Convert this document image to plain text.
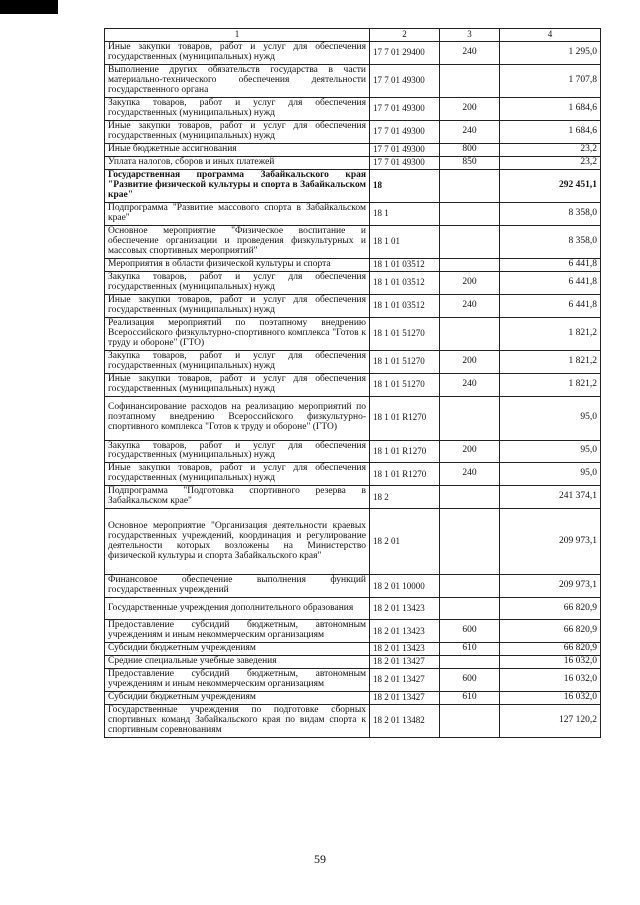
1	2	3	4
Иные закупки товаров, работ и услуг для обеспечения государственных (муниципальных) нужд	17 7 01 29400	240	1 295,0
Выполнение других обязательств государства в части материально-технического обеспечения деятельности государственного органа	17 7 01 49300		1 707,8
Закупка товаров, работ и услуг для обеспечения государственных (муниципальных) нужд	17 7 01 49300	200	1 684,6
Иные закупки товаров, работ и услуг для обеспечения государственных (муниципальных) нужд	17 7 01 49300	240	1 684,6
Иные бюджетные ассигнования	17 7 01 49300	800	23,2
Уплата налогов, сборов и иных платежей	17 7 01 49300	850	23,2
Государственная программа Забайкальского края "Развитие физической культуры и спорта в Забайкальском крае"	18		292 451,1
Подпрограмма "Развитие массового спорта в Забайкальском крае"	18 1		8 358,0
Основное мероприятие "Физическое воспитание и обеспечение организации и проведения физкультурных и массовых спортивных мероприятий"	18 1 01		8 358,0
Мероприятия в области физической культуры и спорта	18 1 01 03512		6 441,8
Закупка товаров, работ и услуг для обеспечения государственных (муниципальных) нужд	18 1 01 03512	200	6 441,8
Иные закупки товаров, работ и услуг для обеспечения государственных (муниципальных) нужд	18 1 01 03512	240	6 441,8
Реализация мероприятий по поэтапному внедрению Всероссийского физкультурно-спортивного комплекса "Готов к труду и обороне" (ГТО)	18 1 01 51270		1 821,2
Закупка товаров, работ и услуг для обеспечения государственных (муниципальных) нужд	18 1 01 51270	200	1 821,2
Иные закупки товаров, работ и услуг для обеспечения государственных (муниципальных) нужд	18 1 01 51270	240	1 821,2
Софинансирование расходов на реализацию мероприятий по поэтапному внедрению Всероссийского физкультурно-спортивного комплекса "Готов к труду и обороне" (ГТО)	18 1 01 R1270		95,0
Закупка товаров, работ и услуг для обеспечения государственных (муниципальных) нужд	18 1 01 R1270	200	95,0
Иные закупки товаров, работ и услуг для обеспечения государственных (муниципальных) нужд	18 1 01 R1270	240	95,0
Подпрограмма "Подготовка спортивного резерва в Забайкальском крае"	18 2		241 374,1
Основное мероприятие "Организация деятельности краевых государственных учреждений, координация и регулирование деятельности которых возложены на Министерство физической культуры и спорта Забайкальского края"	18 2 01		209 973,1
Финансовое обеспечение выполнения функций государственных учреждений	18 2 01 10000		209 973,1
Государственные учреждения дополнительного образования	18 2 01 13423		66 820,9
Предоставление субсидий бюджетным, автономным учреждениям и иным некоммерческим организациям	18 2 01 13423	600	66 820,9
Субсидии бюджетным учреждениям	18 2 01 13423	610	66 820,9
Средние специальные учебные заведения	18 2 01 13427		16 032,0
Предоставление субсидий бюджетным, автономным учреждениям и иным некоммерческим организациям	18 2 01 13427	600	16 032,0
Субсидии бюджетным учреждениям	18 2 01 13427	610	16 032,0
Государственные учреждения по подготовке сборных спортивных команд Забайкальского края по видам спорта к спортивным соревнованиям	18 2 01 13482		127 120,2
59
